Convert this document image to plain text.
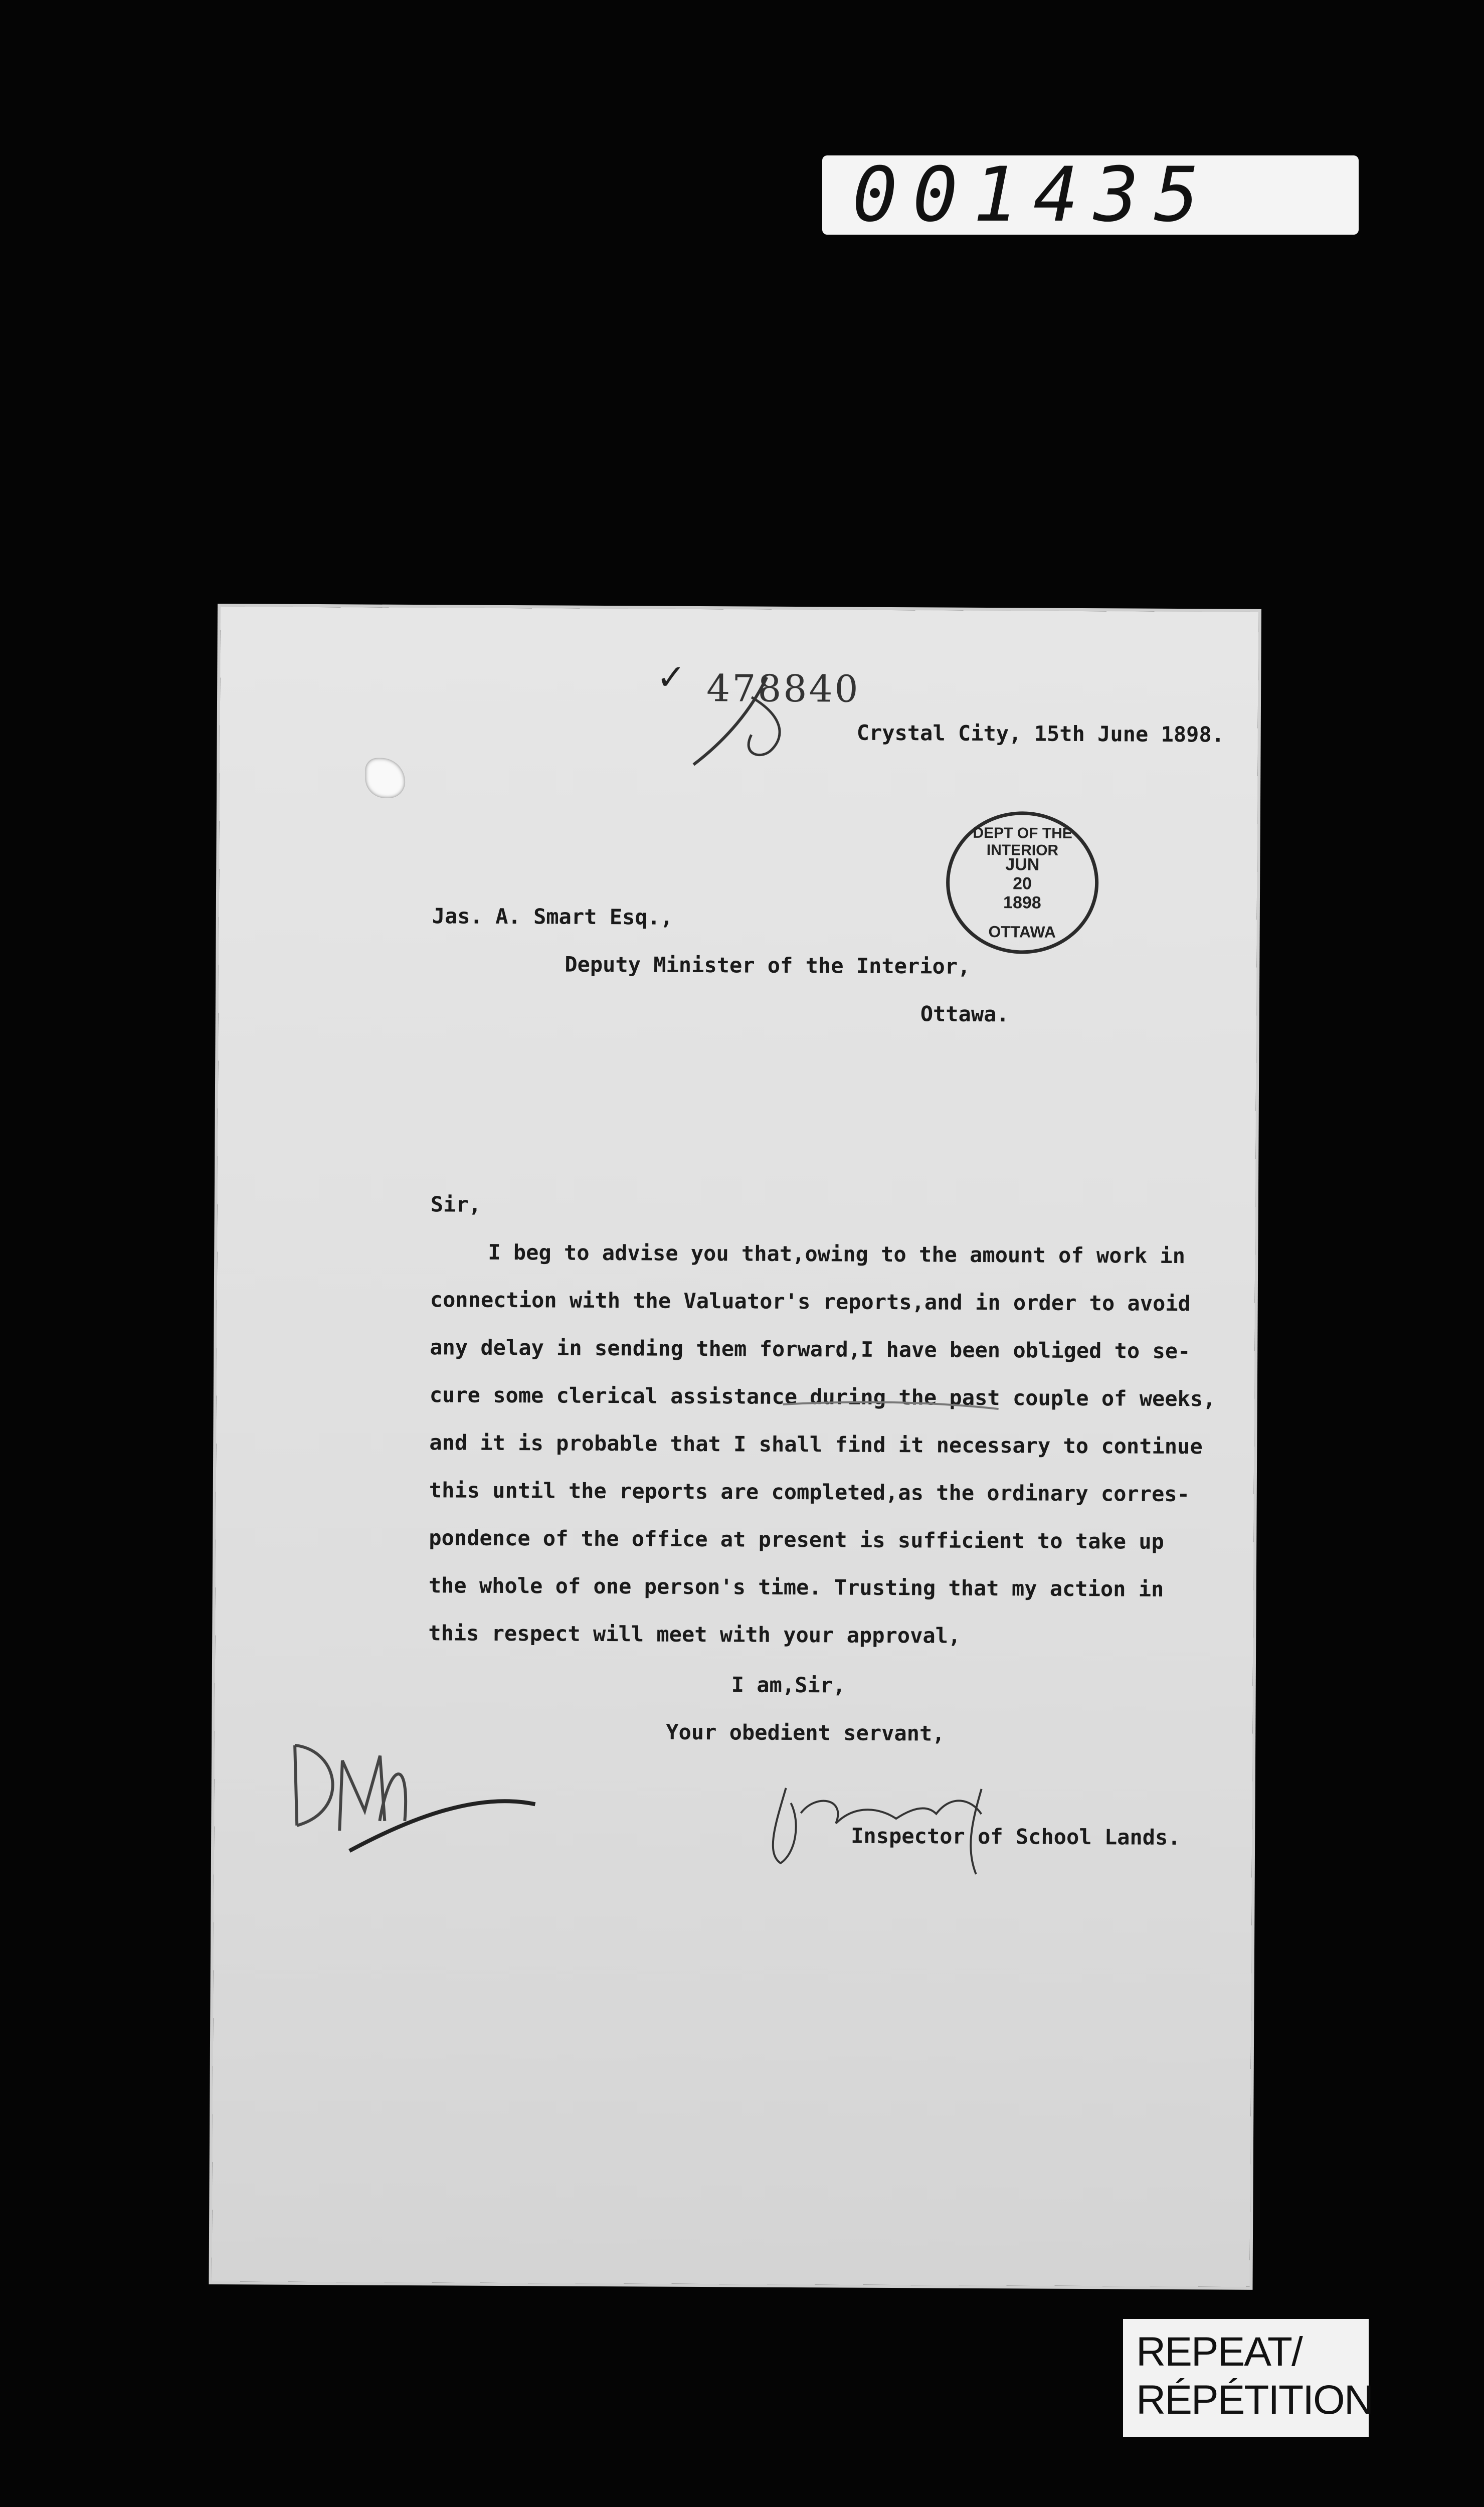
001435
✓ 478840
Crystal City, 15th June 1898.
DEPT OF THE INTERIOR
JUN
20
1898
OTTAWA
Jas. A. Smart Esq.,
Deputy Minister of the Interior,
Ottawa.
Sir,
I beg to advise you that,owing to the amount of work in
connection with the Valuator's reports,and in order to avoid
any delay in sending them forward,I have been obliged to se-
cure some clerical assistance during the past couple of weeks,
and it is probable that I shall find it necessary to continue
this until the reports are completed,as the ordinary corres-
pondence of the office at present is sufficient to take up
the whole of one person's time. Trusting that my action in
this respect will meet with your approval,
I am,Sir,
Your obedient servant,
Inspector of School Lands.
REPEAT/
RÉPÉTITION
